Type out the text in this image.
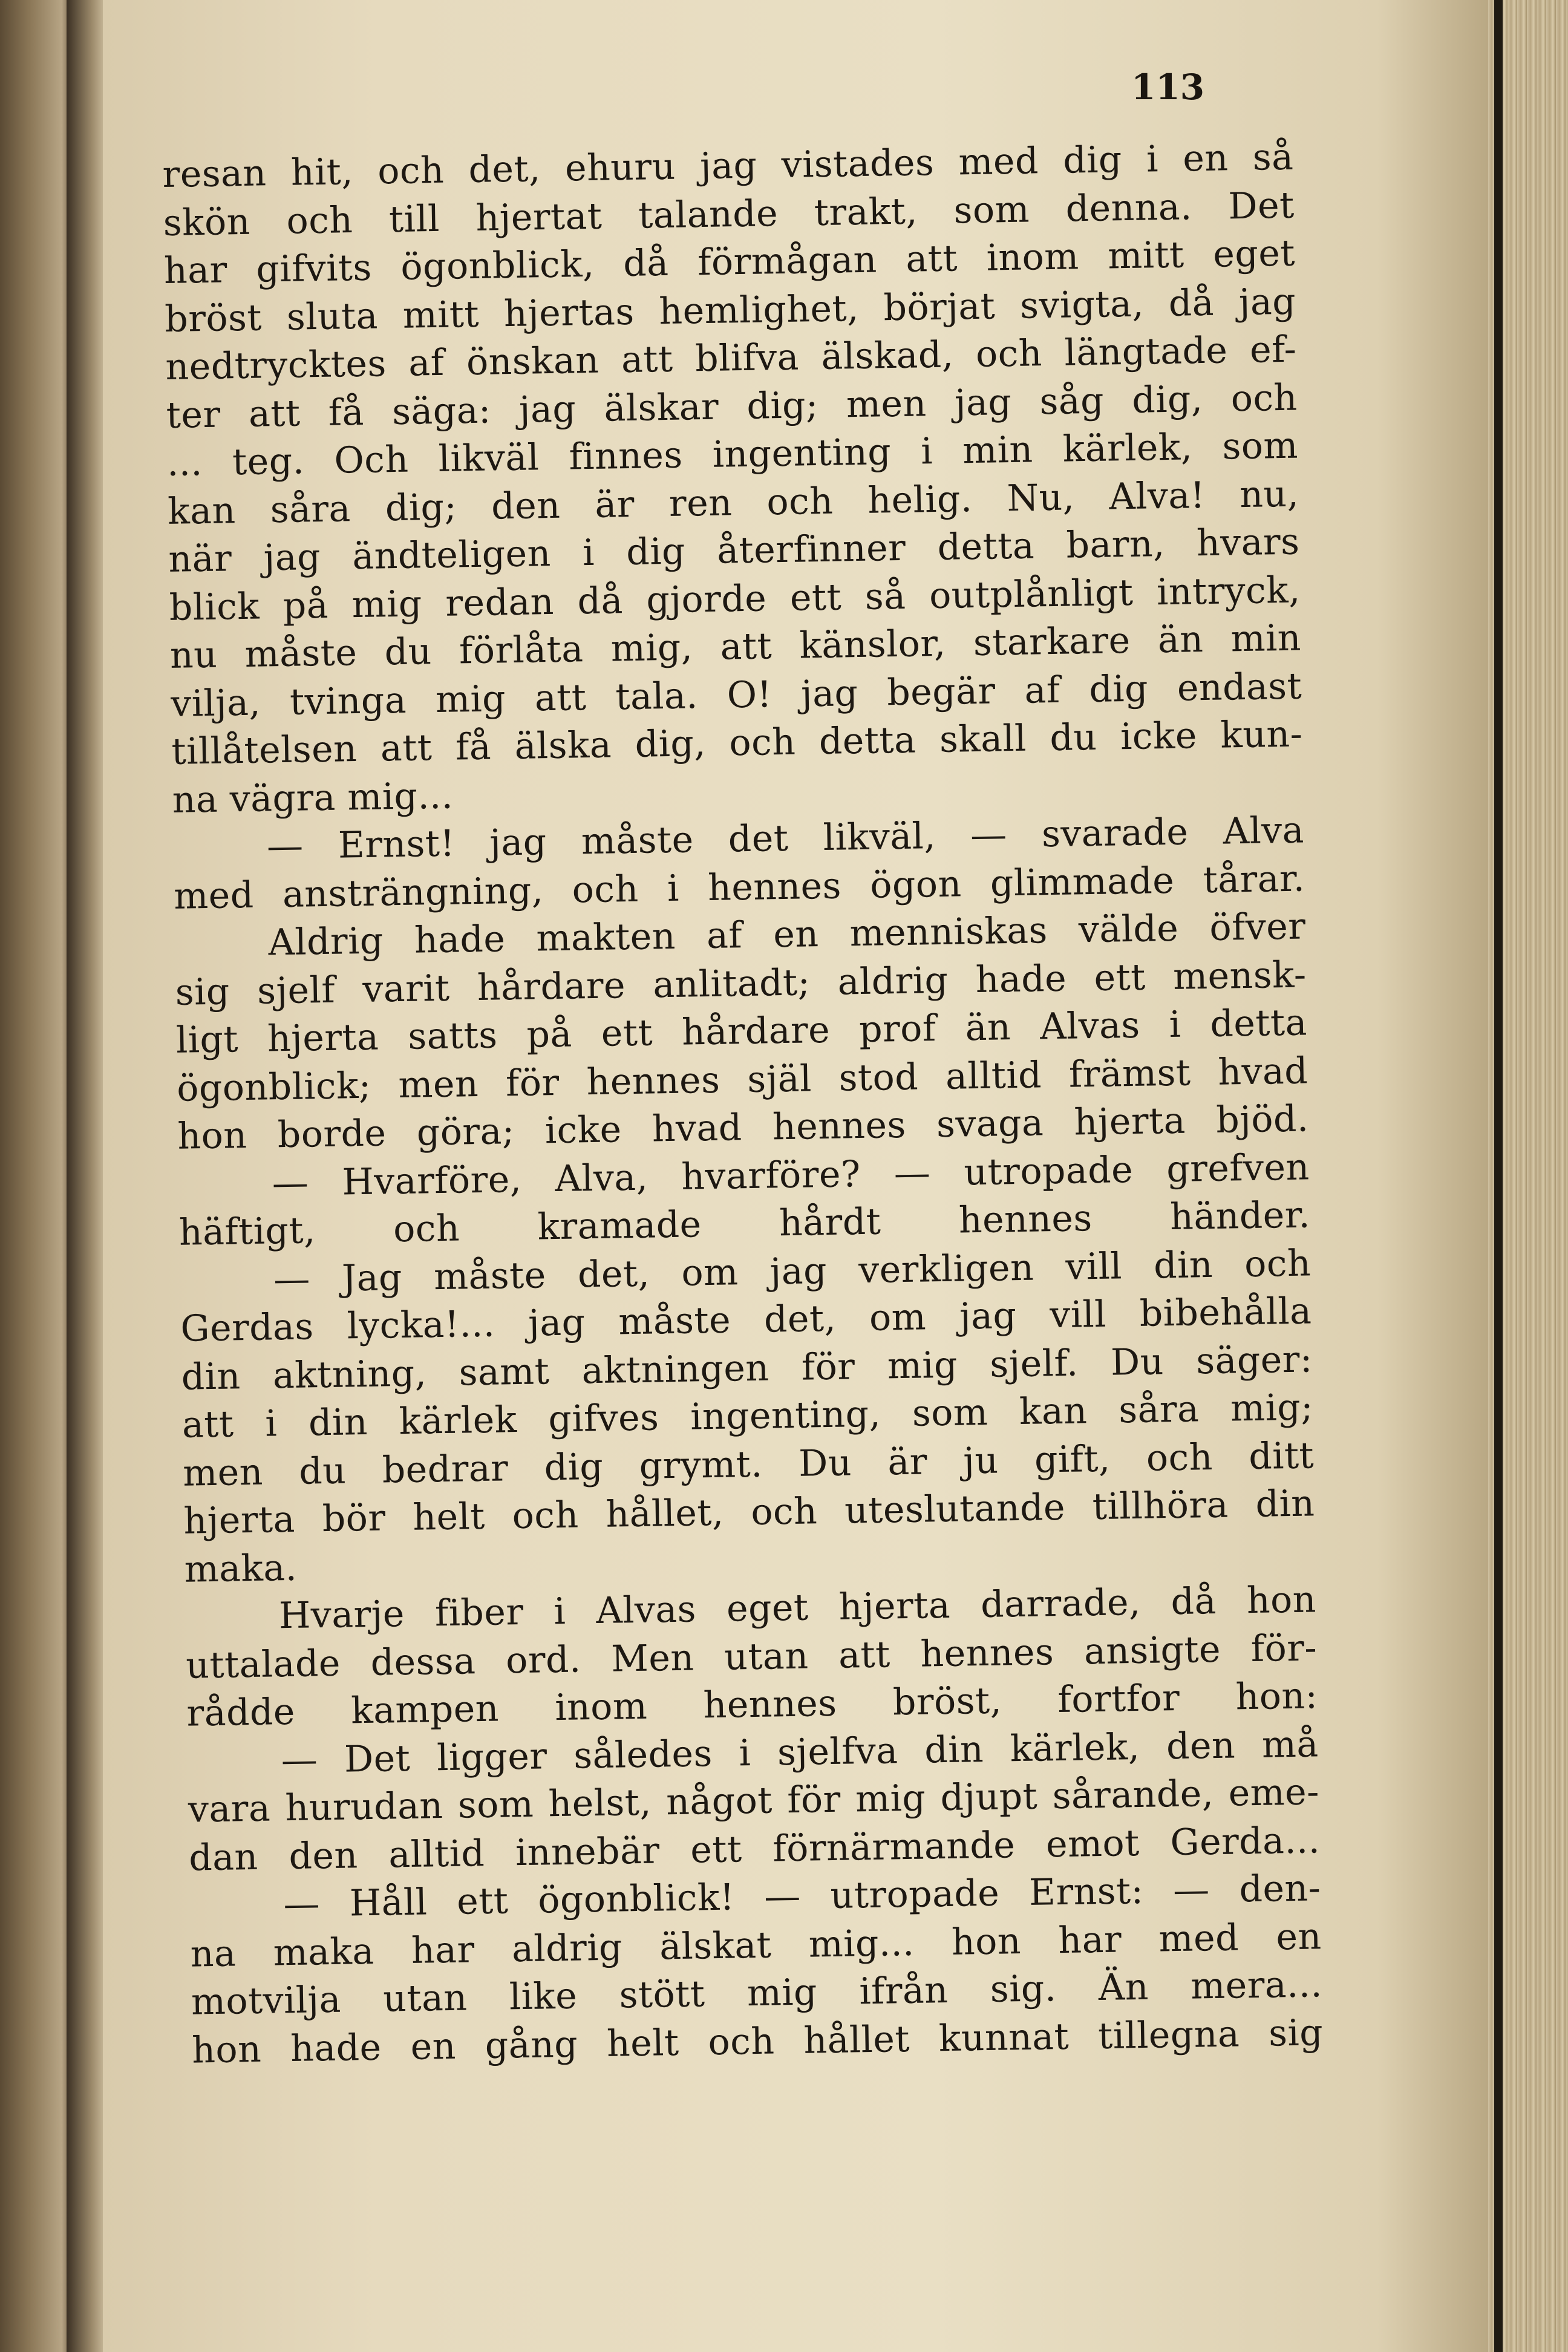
113
resan hit, och det, ehuru jag vistades med dig i en så
skön och till hjertat talande trakt, som denna. Det
har gifvits ögonblick, då förmågan att inom mitt eget
bröst sluta mitt hjertas hemlighet, börjat svigta, då jag
nedtrycktes af önskan att blifva älskad, och längtade ef-
ter att få säga: jag älskar dig; men jag såg dig, och
... teg. Och likväl finnes ingenting i min kärlek, som
kan såra dig; den är ren och helig. Nu, Alva! nu,
när jag ändteligen i dig återfinner detta barn, hvars
blick på mig redan då gjorde ett så outplånligt intryck,
nu måste du förlåta mig, att känslor, starkare än min
vilja, tvinga mig att tala. O! jag begär af dig endast
tillåtelsen att få älska dig, och detta skall du icke kun-
na vägra mig...
— Ernst! jag måste det likväl, — svarade Alva
med ansträngning, och i hennes ögon glimmade tårar.
Aldrig hade makten af en menniskas välde öfver
sig sjelf varit hårdare anlitadt; aldrig hade ett mensk-
ligt hjerta satts på ett hårdare prof än Alvas i detta
ögonblick; men för hennes själ stod alltid främst hvad
hon borde göra; icke hvad hennes svaga hjerta bjöd.
— Hvarföre, Alva, hvarföre? — utropade grefven
häftigt, och kramade hårdt hennes händer.
— Jag måste det, om jag verkligen vill din och
Gerdas lycka!... jag måste det, om jag vill bibehålla
din aktning, samt aktningen för mig sjelf. Du säger:
att i din kärlek gifves ingenting, som kan såra mig;
men du bedrar dig grymt. Du är ju gift, och ditt
hjerta bör helt och hållet, och uteslutande tillhöra din
maka.
Hvarje fiber i Alvas eget hjerta darrade, då hon
uttalade dessa ord. Men utan att hennes ansigte för-
rådde kampen inom hennes bröst, fortfor hon:
— Det ligger således i sjelfva din kärlek, den må
vara hurudan som helst, något för mig djupt sårande, eme-
dan den alltid innebär ett förnärmande emot Gerda...
— Håll ett ögonblick! — utropade Ernst: — den-
na maka har aldrig älskat mig... hon har med en
motvilja utan like stött mig ifrån sig. Än mera...
hon hade en gång helt och hållet kunnat tillegna sig
